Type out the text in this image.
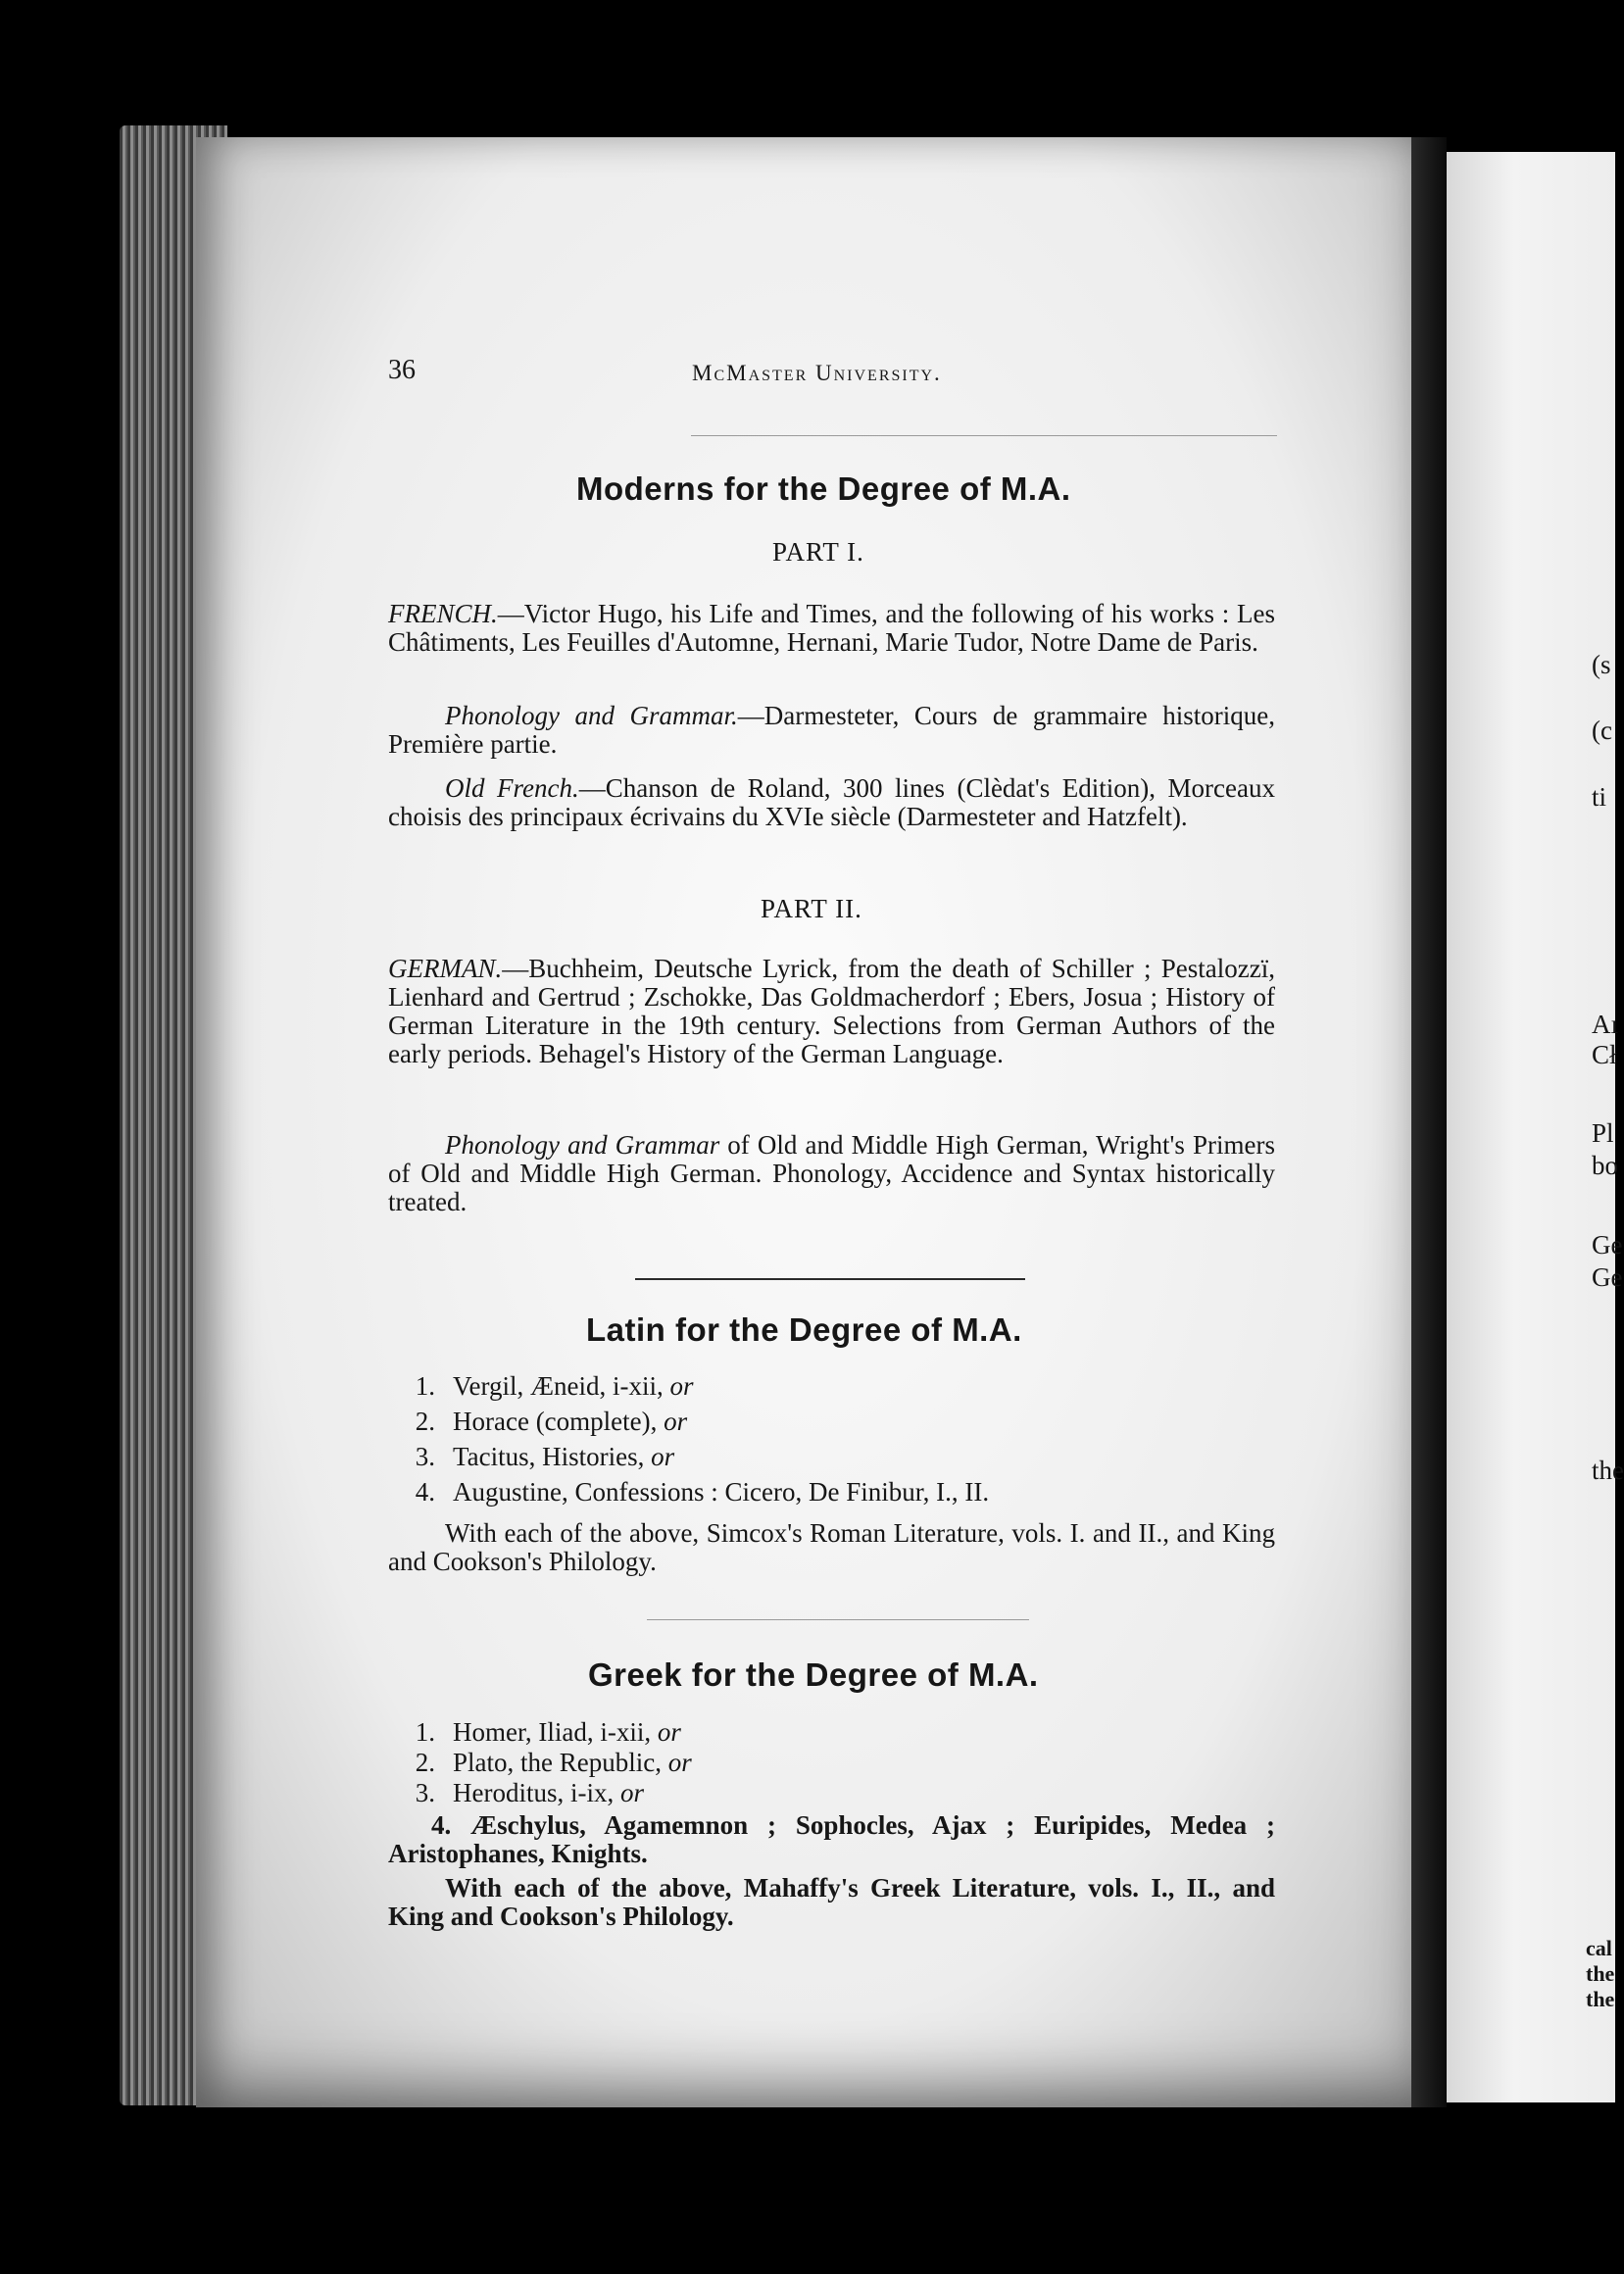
(s
(c
ti
Aı
Cł
Pl
bo
Ge
Ge
the
cal
the
the
36	McMaster University.
Moderns for the Degree of M.A.
PART I.

FRENCH.—Victor Hugo, his Life and Times, and the following of his works : Les Châtiments, Les Feuilles d'Automne, Hernani, Marie Tudor, Notre Dame de Paris.

Phonology and Grammar.—Darmesteter, Cours de grammaire historique, Première partie.

Old French.—Chanson de Roland, 300 lines (Clèdat's Edition), Morceaux choisis des principaux écrivains du XVIe siècle (Darmesteter and Hatzfelt).

PART II.

GERMAN.—Buchheim, Deutsche Lyrick, from the death of Schiller ; Pestalozzï, Lienhard and Gertrud ; Zschokke, Das Goldmacherdorf ; Ebers, Josua ; History of German Literature in the 19th century. Selections from German Authors of the early periods. Behagel's History of the German Language.

Phonology and Grammar of Old and Middle High German, Wright's Primers of Old and Middle High German. Phonology, Accidence and Syntax historically treated.

Latin for the Degree of M.A.
1. Vergil, Æneid, i-xii,
or
2. Horace (complete),
or
3. Tacitus, Histories,
or
4. Augustine, Confessions : Cicero, De Finibur, I., II.

With each of the above, Simcox's Roman Literature, vols. I. and II., and King and Cookson's Philology.

Greek for the Degree of M.A.
1. Homer, Iliad, i-xii,
or
2. Plato, the Republic,
or
3. Heroditus, i-ix,
or

4. Æschylus, Agamemnon ; Sophocles, Ajax ; Euripides, Medea ; Aristophanes, Knights.

With each of the above, Mahaffy's Greek Literature, vols. I., II., and King and Cookson's Philology.
